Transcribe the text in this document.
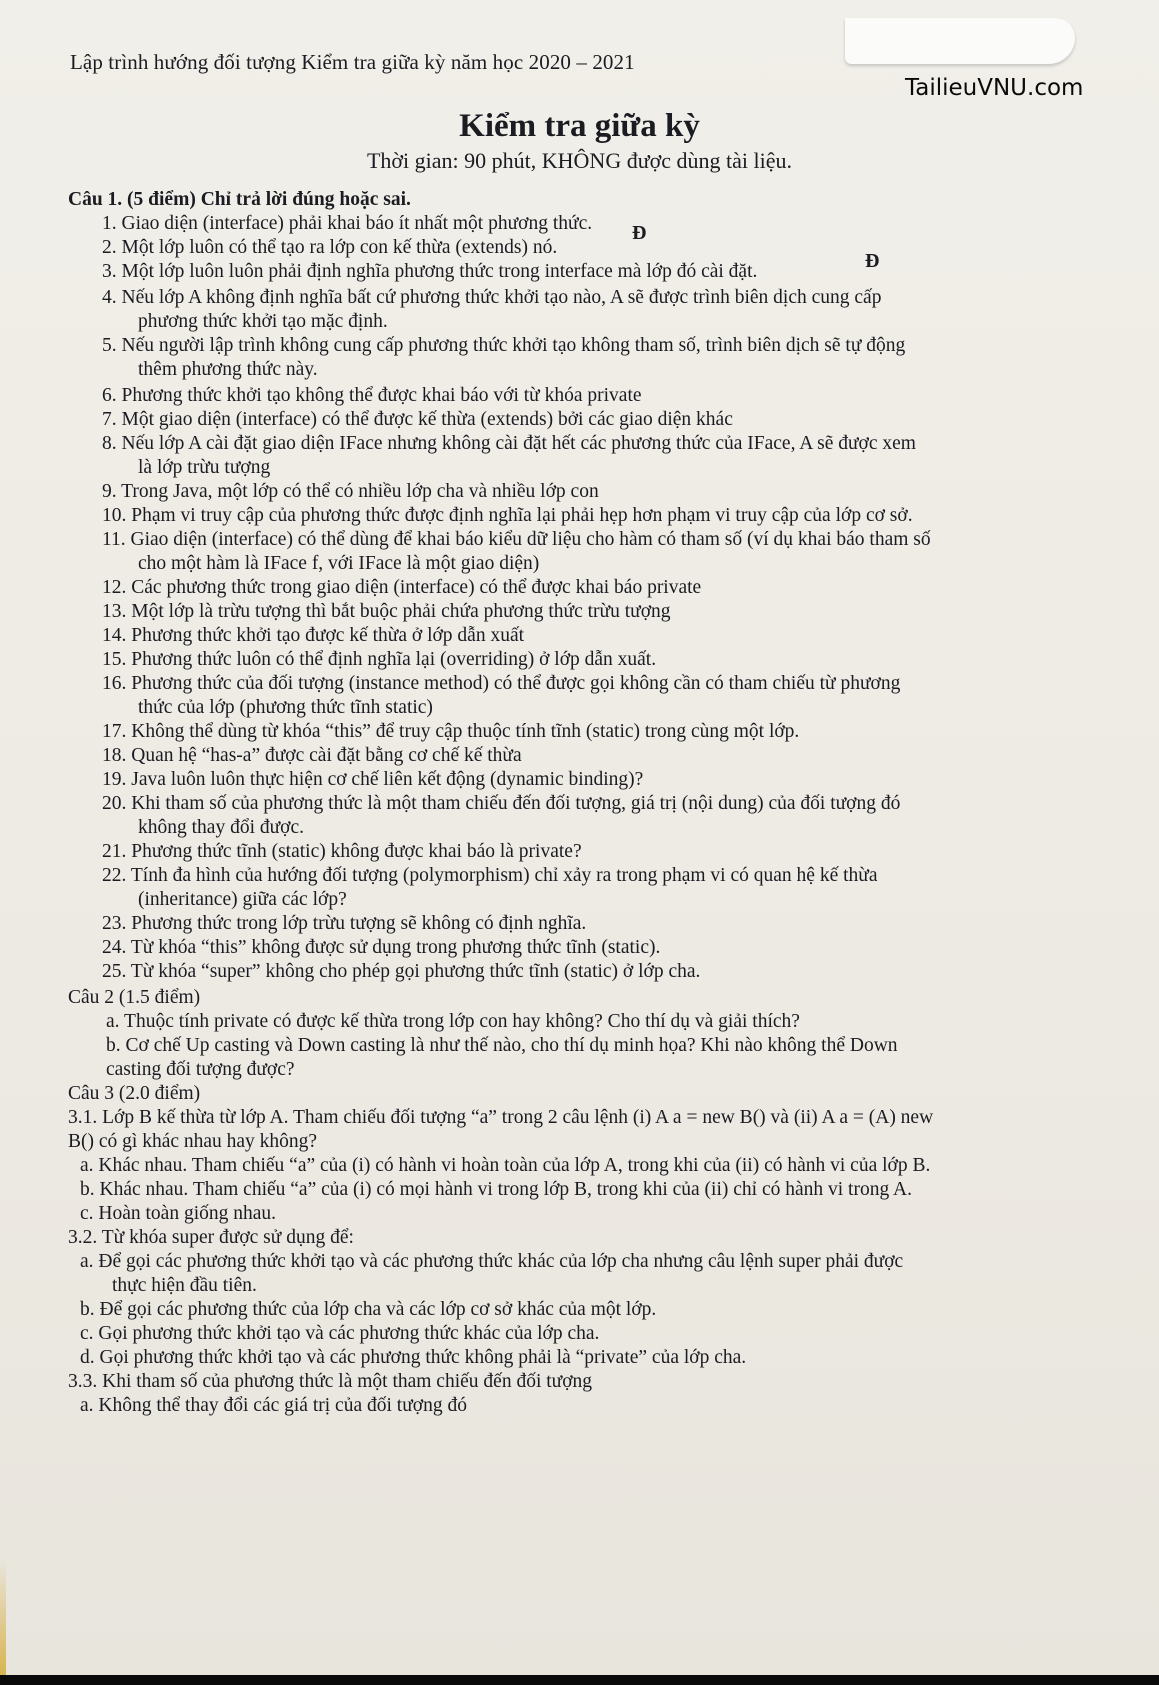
Lập trình hướng đối tượng Kiểm tra giữa kỳ năm học 2020 – 2021
TailieuVNU.com
Kiểm tra giữa kỳ
Thời gian: 90 phút, KHÔNG được dùng tài liệu.
Câu 1. (5 điểm) Chỉ trả lời đúng hoặc sai.
1. Giao diện (interface) phải khai báo ít nhất một phương thức.
2. Một lớp luôn có thể tạo ra lớp con kế thừa (extends) nó.
Đ
3. Một lớp luôn luôn phải định nghĩa phương thức trong interface mà lớp đó cài đặt.	Đ
4. Nếu lớp A không định nghĩa bất cứ phương thức khởi tạo nào, A sẽ được trình biên dịch cung cấp
phương thức khởi tạo mặc định.
5. Nếu người lập trình không cung cấp phương thức khởi tạo không tham số, trình biên dịch sẽ tự động
thêm phương thức này.
6. Phương thức khởi tạo không thể được khai báo với từ khóa private
7. Một giao diện (interface) có thể được kế thừa (extends) bởi các giao diện khác
8. Nếu lớp A cài đặt giao diện IFace nhưng không cài đặt hết các phương thức của IFace, A sẽ được xem
là lớp trừu tượng
9. Trong Java, một lớp có thể có nhiều lớp cha và nhiều lớp con
10. Phạm vi truy cập của phương thức được định nghĩa lại phải hẹp hơn phạm vi truy cập của lớp cơ sở.
11. Giao diện (interface) có thể dùng để khai báo kiểu dữ liệu cho hàm có tham số (ví dụ khai báo tham số
cho một hàm là IFace f, với IFace là một giao diện)
12. Các phương thức trong giao diện (interface) có thể được khai báo private
13. Một lớp là trừu tượng thì bắt buộc phải chứa phương thức trừu tượng
14. Phương thức khởi tạo được kế thừa ở lớp dẫn xuất
15. Phương thức luôn có thể định nghĩa lại (overriding) ở lớp dẫn xuất.
16. Phương thức của đối tượng (instance method) có thể được gọi không cần có tham chiếu từ phương
thức của lớp (phương thức tĩnh static)
17. Không thể dùng từ khóa “this” để truy cập thuộc tính tĩnh (static) trong cùng một lớp.
18. Quan hệ “has-a” được cài đặt bằng cơ chế kế thừa
19. Java luôn luôn thực hiện cơ chế liên kết động (dynamic binding)?
20. Khi tham số của phương thức là một tham chiếu đến đối tượng, giá trị (nội dung) của đối tượng đó
không thay đổi được.
21. Phương thức tĩnh (static) không được khai báo là private?
22. Tính đa hình của hướng đối tượng (polymorphism) chỉ xảy ra trong phạm vi có quan hệ kế thừa
(inheritance) giữa các lớp?
23. Phương thức trong lớp trừu tượng sẽ không có định nghĩa.
24. Từ khóa “this” không được sử dụng trong phương thức tĩnh (static).
25. Từ khóa “super” không cho phép gọi phương thức tĩnh (static) ở lớp cha.
Câu 2 (1.5 điểm)
a. Thuộc tính private có được kế thừa trong lớp con hay không? Cho thí dụ và giải thích?
b. Cơ chế Up casting và Down casting là như thế nào, cho thí dụ minh họa? Khi nào không thể Down
casting đối tượng được?
Câu 3 (2.0 điểm)
3.1. Lớp B kế thừa từ lớp A. Tham chiếu đối tượng “a” trong 2 câu lệnh (i) A a = new B() và (ii) A a = (A) new
B() có gì khác nhau hay không?
a. Khác nhau. Tham chiếu “a” của (i) có hành vi hoàn toàn của lớp A, trong khi của (ii) có hành vi của lớp B.
b. Khác nhau. Tham chiếu “a” của (i) có mọi hành vi trong lớp B, trong khi của (ii) chỉ có hành vi trong A.
c. Hoàn toàn giống nhau.
3.2. Từ khóa super được sử dụng để:
a. Để gọi các phương thức khởi tạo và các phương thức khác của lớp cha nhưng câu lệnh super phải được
thực hiện đầu tiên.
b. Để gọi các phương thức của lớp cha và các lớp cơ sở khác của một lớp.
c. Gọi phương thức khởi tạo và các phương thức khác của lớp cha.
d. Gọi phương thức khởi tạo và các phương thức không phải là “private” của lớp cha.
3.3. Khi tham số của phương thức là một tham chiếu đến đối tượng
a. Không thể thay đổi các giá trị của đối tượng đó
